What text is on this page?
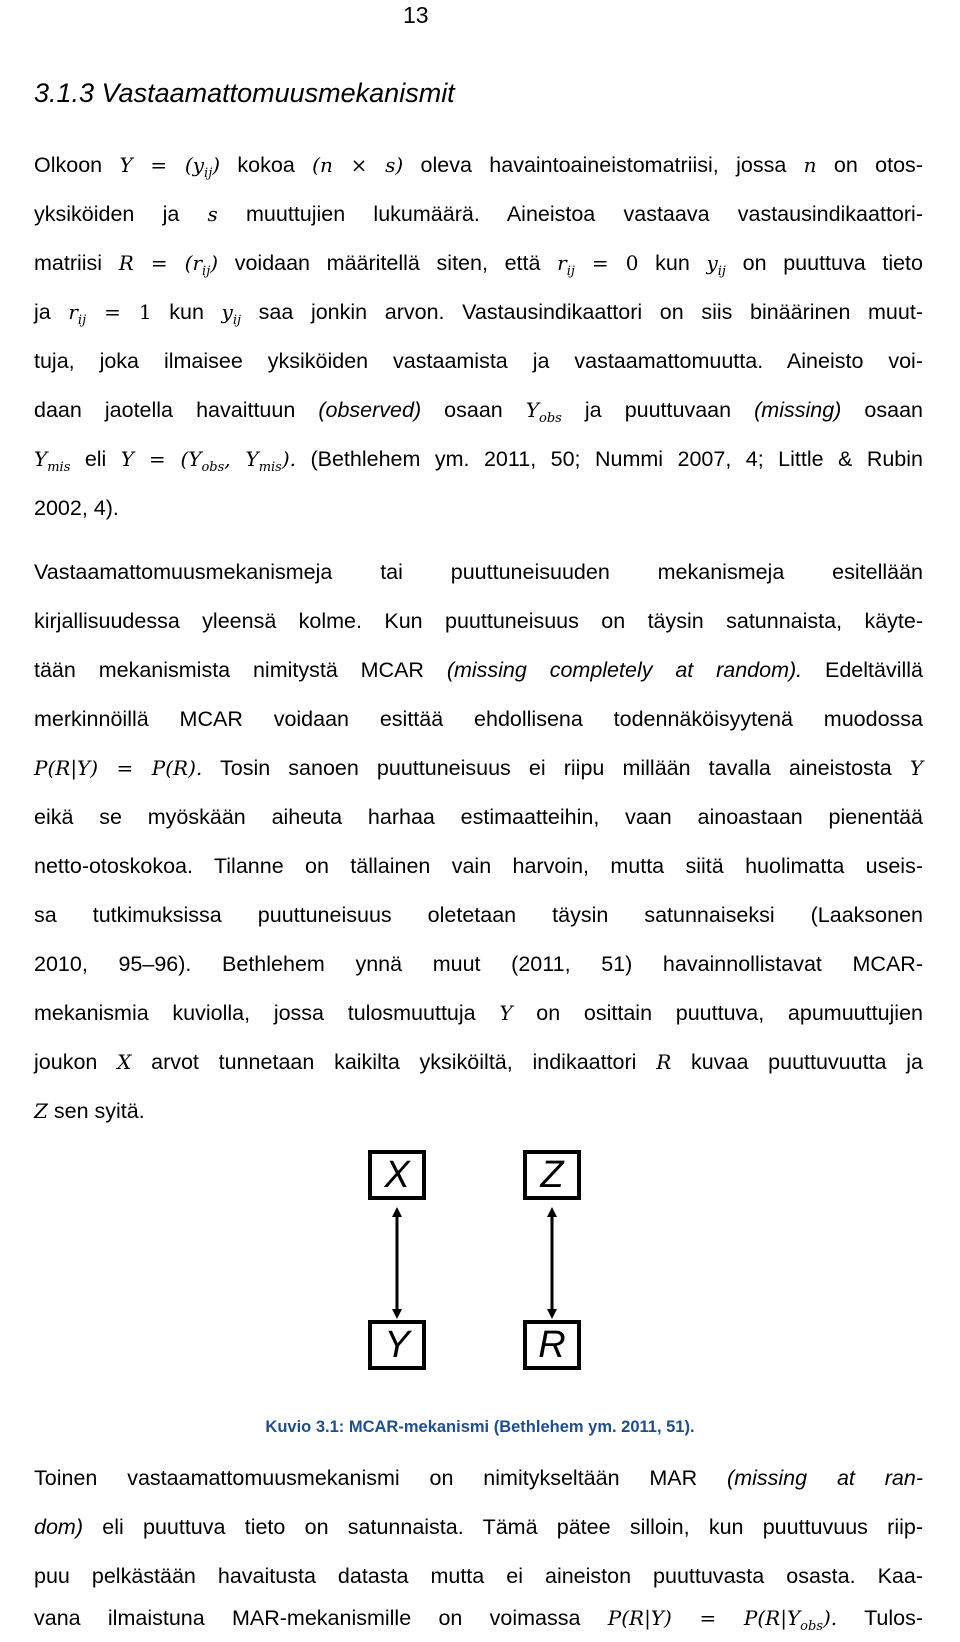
13
3.1.3 Vastaamattomuusmekanismit
Olkoon $Y = (y_{ij})$ kokoa (n × s) oleva havaintoaineistomatriisi, jossa n on otos-
yksiköiden ja s muuttujien lukumäärä. Aineistoa vastaava vastausindikaattori-
matriisi $R = (r_{ij})$ voidaan määritellä siten, että $r_{ij} = 0$ kun $y_{ij}$ on puuttuva tieto
ja $r_{ij} = 1$ kun $y_{ij}$ saa jonkin arvon. Vastausindikaattori on siis binäärinen muut-
tuja, joka ilmaisee yksiköiden vastaamista ja vastaamattomuutta. Aineisto voi-
daan jaotella havaittuun (observed) osaan $Y_{obs}$ ja puuttuvaan (missing) osaan
$Y_{mis}$ eli $Y = (Y_{obs}$, $Y_{mis}$). (Bethlehem ym. 2011, 50; Nummi 2007, 4; Little & Rubin
2002, 4).
Vastaamattomuusmekanismeja tai puuttuneisuuden mekanismeja esitellään
kirjallisuudessa yleensä kolme. Kun puuttuneisuus on täysin satunnaista, käyte-
tään mekanismista nimitystä MCAR (missing completely at random). Edeltävillä
merkinnöillä MCAR voidaan esittää ehdollisena todennäköisyytenä muodossa
P(R|Y) = P(R). Tosin sanoen puuttuneisuus ei riipu millään tavalla aineistosta Y
eikä se myöskään aiheuta harhaa estimaatteihin, vaan ainoastaan pienentää
netto-otoskokoa. Tilanne on tällainen vain harvoin, mutta siitä huolimatta useis-
sa tutkimuksissa puuttuneisuus oletetaan täysin satunnaiseksi (Laaksonen
2010, 95–96). Bethlehem ynnä muut (2011, 51) havainnollistavat MCAR-
mekanismia kuviolla, jossa tulosmuuttuja Y on osittain puuttuva, apumuuttujien
joukon X arvot tunnetaan kaikilta yksiköiltä, indikaattori R kuvaa puuttuvuutta ja
Z sen syitä.
X	Z
Y	R
Kuvio 3.1: MCAR-mekanismi (Bethlehem ym. 2011, 51).
Toinen vastaamattomuusmekanismi on nimitykseltään MAR (missing at ran-
dom) eli puuttuva tieto on satunnaista. Tämä pätee silloin, kun puuttuvuus riip-
puu pelkästään havaitusta datasta mutta ei aineiston puuttuvasta osasta. Kaa-
vana ilmaistuna MAR-mekanismille on voimassa $P(R|Y) = P(R|Y_{obs})$. Tulos-
